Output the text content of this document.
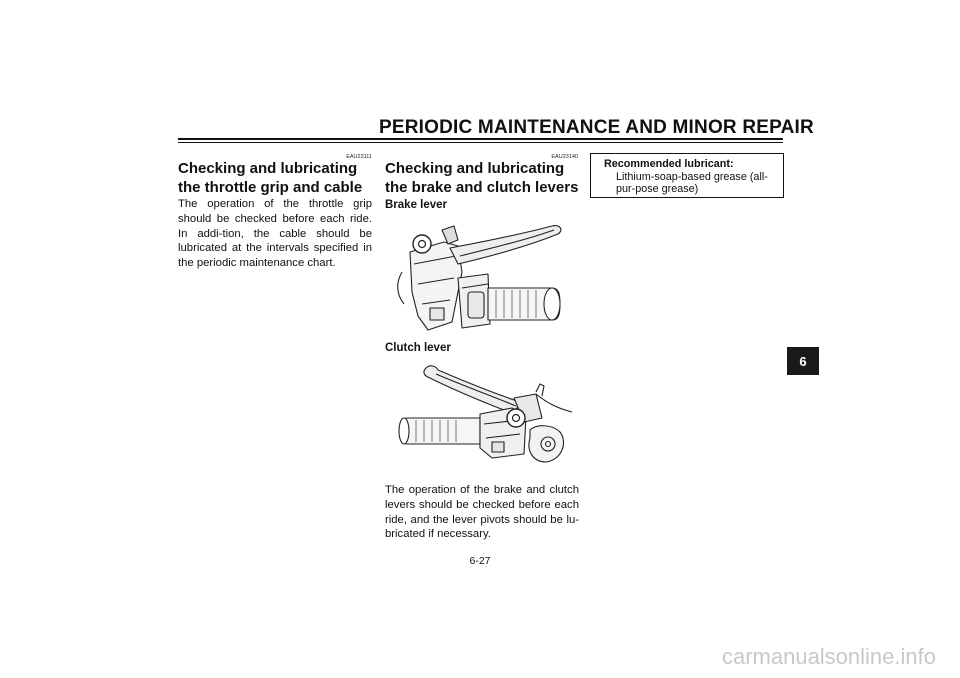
PERIODIC MAINTENANCE AND MINOR REPAIR
EAU23111
Checking and lubricating the throttle grip and cable
The operation of the throttle grip should be checked before each ride. In addi-tion, the cable should be lubricated at the intervals specified in the periodic maintenance chart.
EAU23140
Checking and lubricating the brake and clutch levers
Brake lever
Clutch lever
The operation of the brake and clutch levers should be checked before each ride, and the lever pivots should be lu-bricated if necessary.
Recommended lubricant:
Lithium-soap-based grease (all-pur-pose grease)
6
6-27
carmanualsonline.info
